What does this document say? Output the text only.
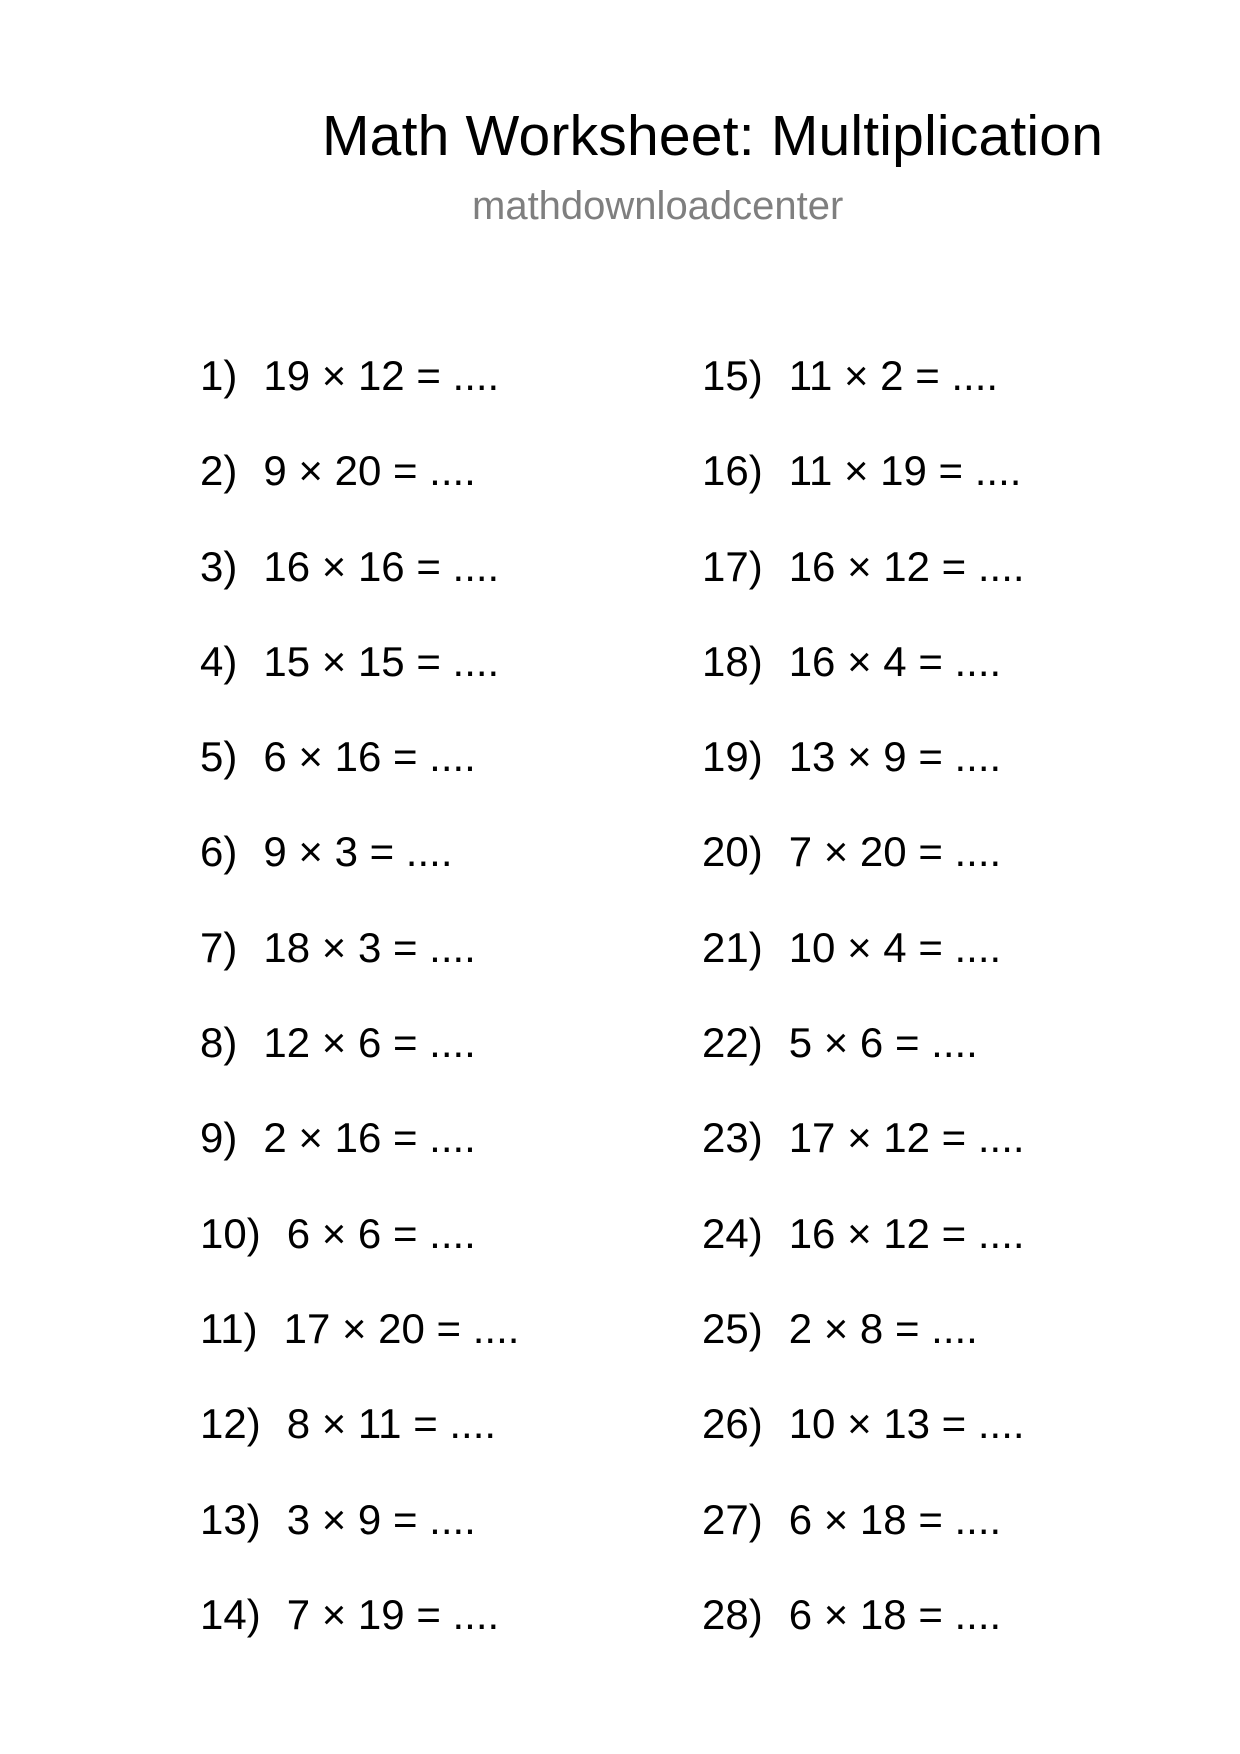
Math Worksheet: Multiplication
mathdownloadcenter
1) 19 × 12 = ....
2) 9 × 20 = ....
3) 16 × 16 = ....
4) 15 × 15 = ....
5) 6 × 16 = ....
6) 9 × 3 = ....
7) 18 × 3 = ....
8) 12 × 6 = ....
9) 2 × 16 = ....
10) 6 × 6 = ....
11) 17 × 20 = ....
12) 8 × 11 = ....
13) 3 × 9 = ....
14) 7 × 19 = ....
15) 11 × 2 = ....
16) 11 × 19 = ....
17) 16 × 12 = ....
18) 16 × 4 = ....
19) 13 × 9 = ....
20) 7 × 20 = ....
21) 10 × 4 = ....
22) 5 × 6 = ....
23) 17 × 12 = ....
24) 16 × 12 = ....
25) 2 × 8 = ....
26) 10 × 13 = ....
27) 6 × 18 = ....
28) 6 × 18 = ....
